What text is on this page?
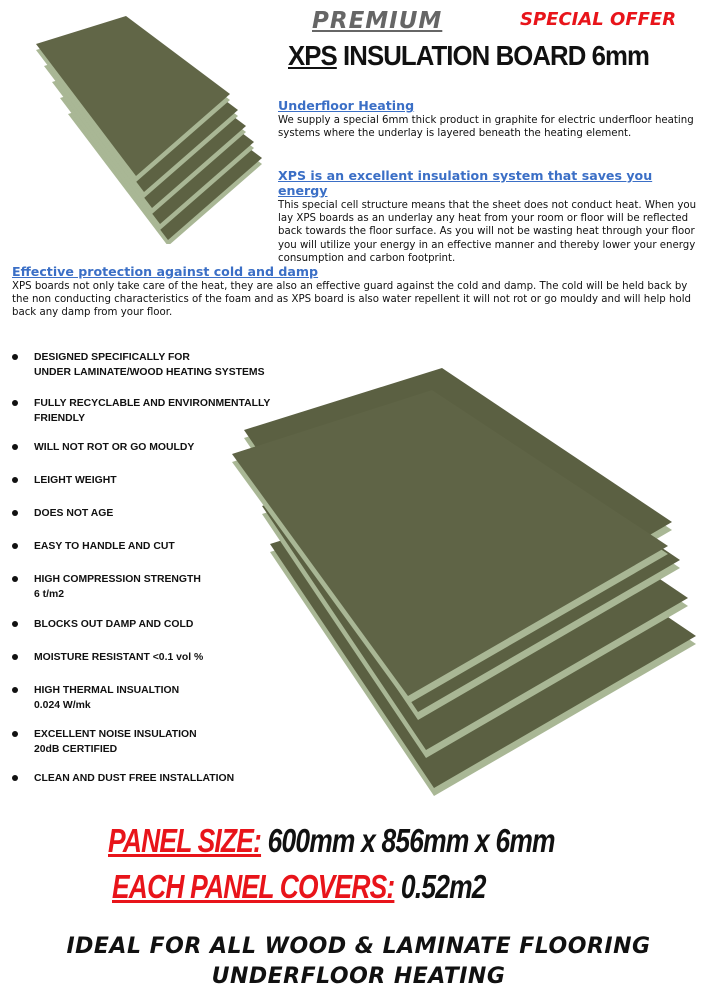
PREMIUM	SPECIAL OFFER
XPS INSULATION BOARD 6mm
Underfloor Heating

We supply a special 6mm thick product in graphite for electric underfloor heating systems where the underlay is layered beneath the heating element.

XPS is an excellent insulation system that saves you energy

This special cell structure means that the sheet does not conduct heat. When you lay XPS boards as an underlay any heat from your room or floor will be reflected back towards the floor surface. As you will not be wasting heat through your floor you will utilize your energy in an effective manner and thereby lower your energy consumption and carbon footprint.

Effective protection against cold and damp

XPS boards not only take care of the heat, they are also an effective guard against the cold and damp. The cold will be held back by the non conducting characteristics of the foam and as XPS board is also water repellent it will not rot or go mouldy and will help hold back any damp from your floor.

DESIGNED SPECIFICALLY FOR
UNDER LAMINATE/WOOD HEATING SYSTEMS
FULLY RECYCLABLE AND ENVIRONMENTALLY
FRIENDLY
WILL NOT ROT OR GO MOULDY
LEIGHT WEIGHT
DOES NOT AGE
EASY TO HANDLE AND CUT
HIGH COMPRESSION STRENGTH
6 t/m2
BLOCKS OUT DAMP AND COLD
MOISTURE RESISTANT <0.1 vol %
HIGH THERMAL INSUALTION
0.024 W/mk
EXCELLENT NOISE INSULATION
20dB CERTIFIED
CLEAN AND DUST FREE INSTALLATION
PANEL SIZE: 600mm x 856mm x 6mm
EACH PANEL COVERS: 0.52m2
IDEAL FOR ALL WOOD & LAMINATE FLOORING
UNDERFLOOR HEATING
